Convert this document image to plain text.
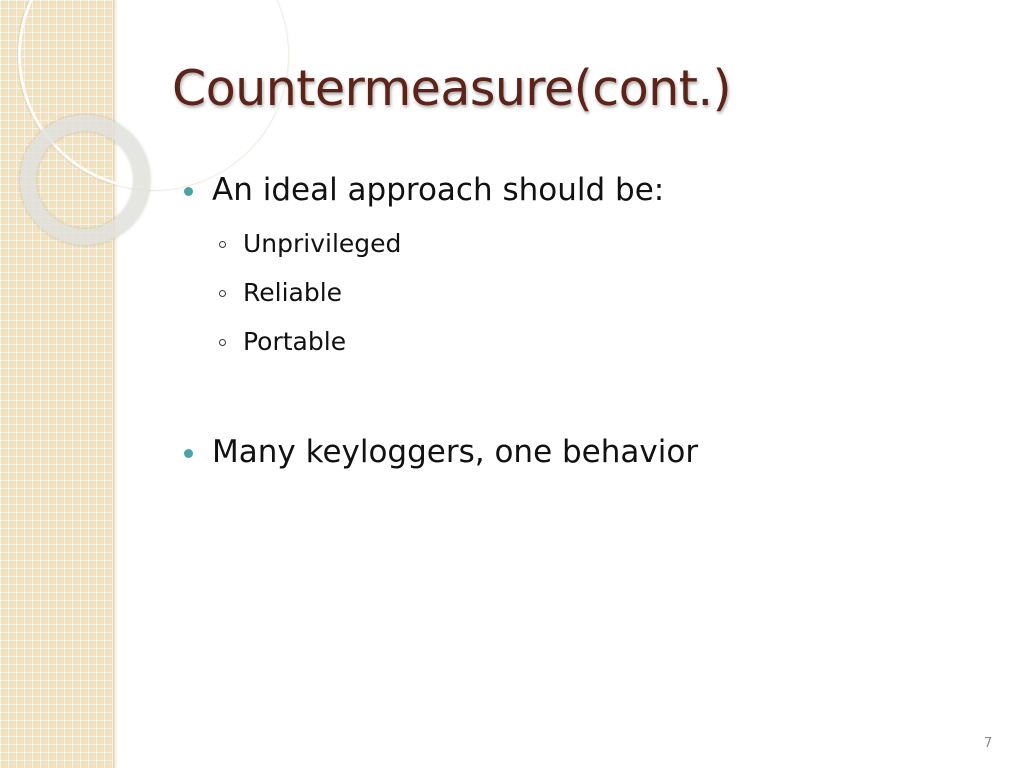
Countermeasure(cont.)
An ideal approach should be:
Unprivileged
Reliable
Portable
Many keyloggers, one behavior
7
